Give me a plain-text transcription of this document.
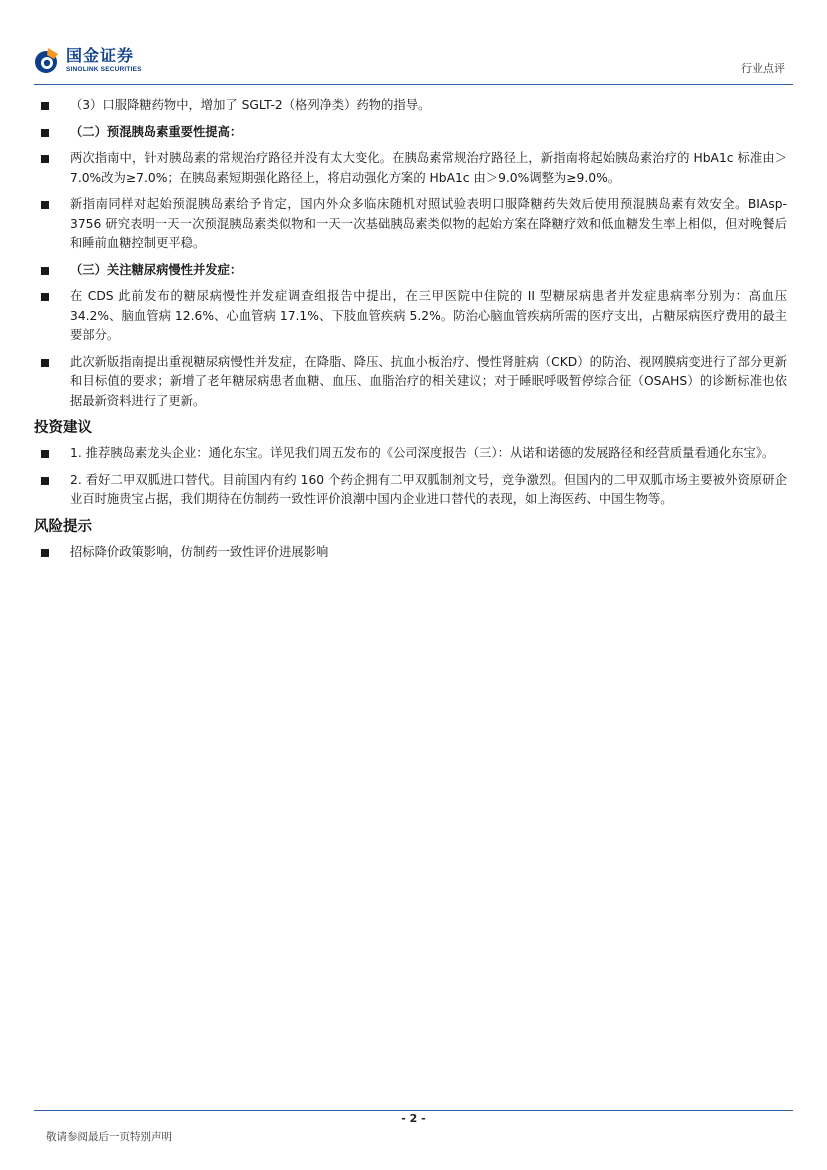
国金证券
SINOLINK SECURITIES	行业点评
（3）口服降糖药物中，增加了 SGLT-2（格列净类）药物的指导。
（二）预混胰岛素重要性提高：
两次指南中，针对胰岛素的常规治疗路径并没有太大变化。在胰岛素常规治疗路径上，新指南将起始胰岛素治疗的 HbA1c 标准由＞7.0%改为≥7.0%；在胰岛素短期强化路径上，将启动强化方案的 HbA1c 由＞9.0%调整为≥9.0%。
新指南同样对起始预混胰岛素给予肯定，国内外众多临床随机对照试验表明口服降糖药失效后使用预混胰岛素有效安全。BIAsp-3756 研究表明一天一次预混胰岛素类似物和一天一次基础胰岛素类似物的起始方案在降糖疗效和低血糖发生率上相似，但对晚餐后和睡前血糖控制更平稳。
（三）关注糖尿病慢性并发症：
在 CDS 此前发布的糖尿病慢性并发症调查组报告中提出，在三甲医院中住院的 II 型糖尿病患者并发症患病率分别为：高血压 34.2%、脑血管病 12.6%、心血管病 17.1%、下肢血管疾病 5.2%。防治心脑血管疾病所需的医疗支出，占糖尿病医疗费用的最主要部分。
此次新版指南提出重视糖尿病慢性并发症，在降脂、降压、抗血小板治疗、慢性肾脏病（CKD）的防治、视网膜病变进行了部分更新和目标值的要求；新增了老年糖尿病患者血糖、血压、血脂治疗的相关建议；对于睡眠呼吸暂停综合征（OSAHS）的诊断标准也依据最新资料进行了更新。
投资建议
1. 推荐胰岛素龙头企业：通化东宝。详见我们周五发布的《公司深度报告（三）：从诺和诺德的发展路径和经营质量看通化东宝》。
2. 看好二甲双胍进口替代。目前国内有约 160 个药企拥有二甲双胍制剂文号，竞争激烈。但国内的二甲双胍市场主要被外资原研企业百时施贵宝占据，我们期待在仿制药一致性评价浪潮中国内企业进口替代的表现，如上海医药、中国生物等。
风险提示
招标降价政策影响，仿制药一致性评价进展影响
- 2 -
敬请参阅最后一页特别声明
